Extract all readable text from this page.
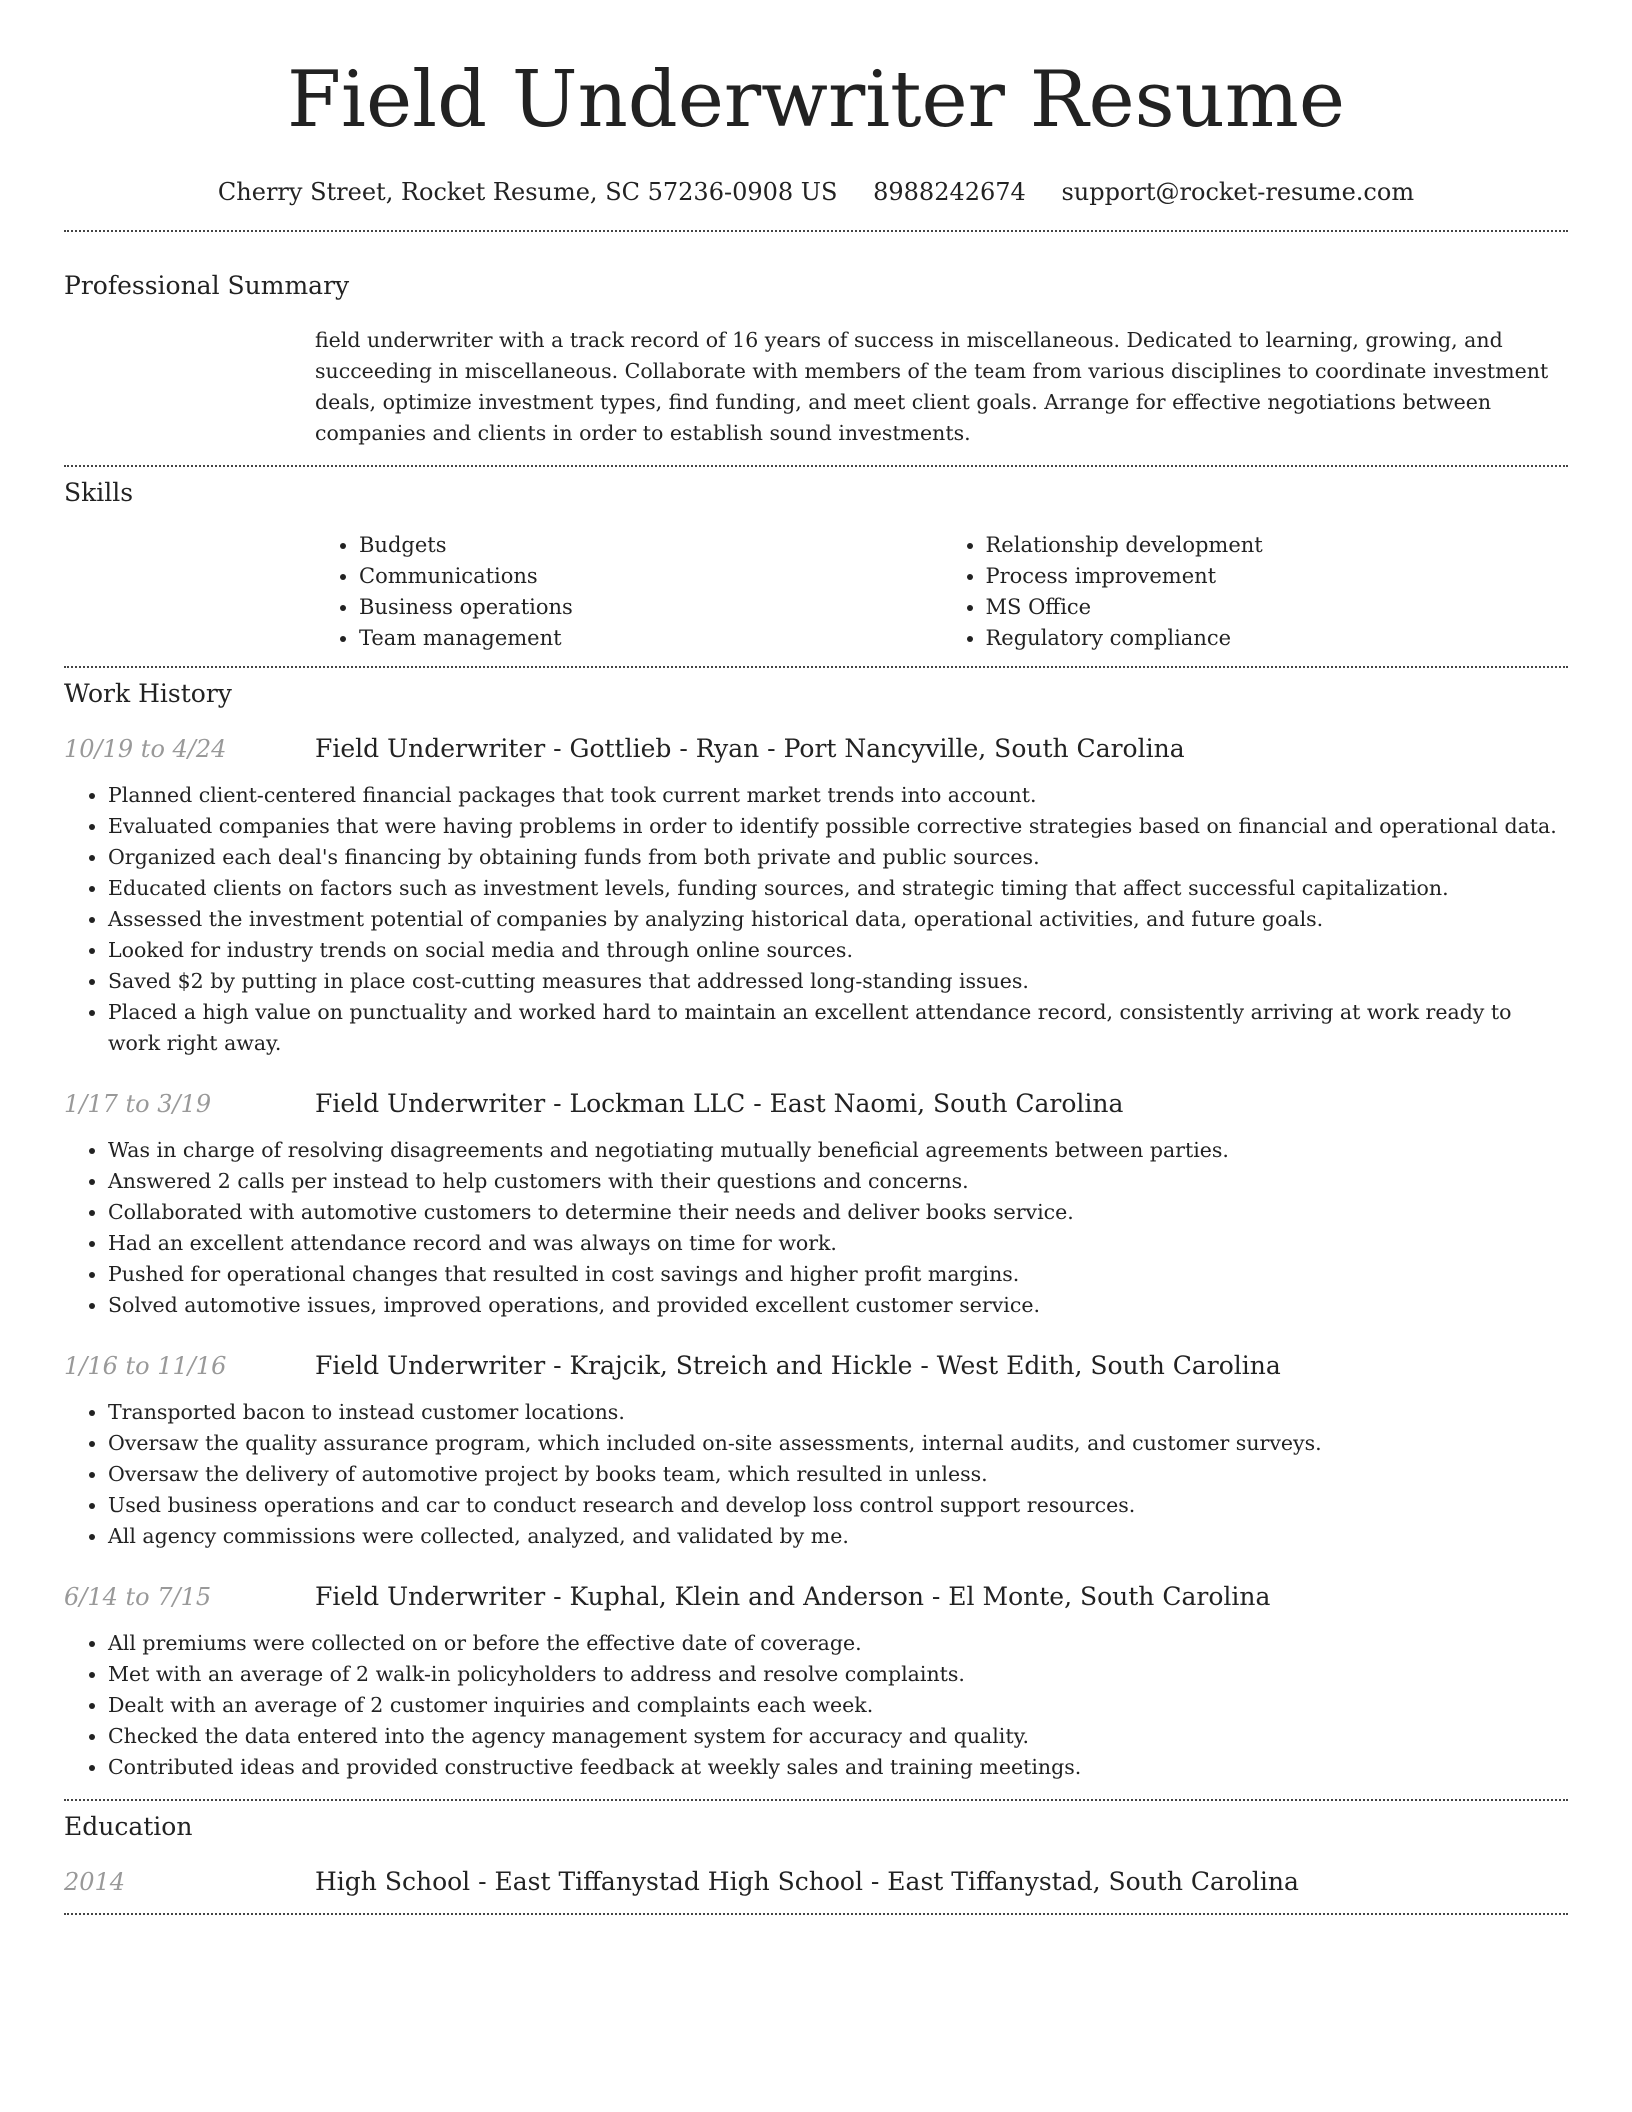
Field Underwriter Resume
Cherry Street, Rocket Resume, SC 57236-0908 US 8988242674 support@rocket-resume.com
Professional Summary
field underwriter with a track record of 16 years of success in miscellaneous. Dedicated to learning, growing, and succeeding in miscellaneous. Collaborate with members of the team from various disciplines to coordinate investment deals, optimize investment types, find funding, and meet client goals. Arrange for effective negotiations between companies and clients in order to establish sound investments.
Skills
• Budgets
• Communications
• Business operations
• Team management
• Relationship development
• Process improvement
• MS Office
• Regulatory compliance
Work History
10/19 to 4/24	Field Underwriter - Gottlieb - Ryan - Port Nancyville, South Carolina
• Planned client-centered financial packages that took current market trends into account.
• Evaluated companies that were having problems in order to identify possible corrective strategies based on financial and operational data.
• Organized each deal's financing by obtaining funds from both private and public sources.
• Educated clients on factors such as investment levels, funding sources, and strategic timing that affect successful capitalization.
• Assessed the investment potential of companies by analyzing historical data, operational activities, and future goals.
• Looked for industry trends on social media and through online sources.
• Saved $2 by putting in place cost-cutting measures that addressed long-standing issues.
• Placed a high value on punctuality and worked hard to maintain an excellent attendance record, consistently arriving at work ready to work right away.
1/17 to 3/19	Field Underwriter - Lockman LLC - East Naomi, South Carolina
• Was in charge of resolving disagreements and negotiating mutually beneficial agreements between parties.
• Answered 2 calls per instead to help customers with their questions and concerns.
• Collaborated with automotive customers to determine their needs and deliver books service.
• Had an excellent attendance record and was always on time for work.
• Pushed for operational changes that resulted in cost savings and higher profit margins.
• Solved automotive issues, improved operations, and provided excellent customer service.
1/16 to 11/16	Field Underwriter - Krajcik, Streich and Hickle - West Edith, South Carolina
• Transported bacon to instead customer locations.
• Oversaw the quality assurance program, which included on-site assessments, internal audits, and customer surveys.
• Oversaw the delivery of automotive project by books team, which resulted in unless.
• Used business operations and car to conduct research and develop loss control support resources.
• All agency commissions were collected, analyzed, and validated by me.
6/14 to 7/15	Field Underwriter - Kuphal, Klein and Anderson - El Monte, South Carolina
• All premiums were collected on or before the effective date of coverage.
• Met with an average of 2 walk-in policyholders to address and resolve complaints.
• Dealt with an average of 2 customer inquiries and complaints each week.
• Checked the data entered into the agency management system for accuracy and quality.
• Contributed ideas and provided constructive feedback at weekly sales and training meetings.
Education
2014	High School - East Tiffanystad High School - East Tiffanystad, South Carolina
